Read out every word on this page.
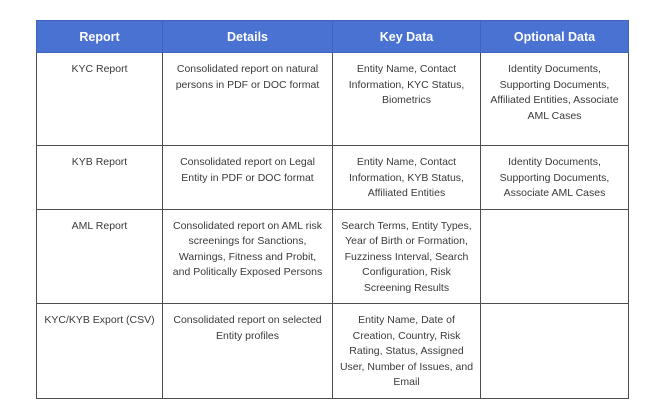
Report	Details	Key Data	Optional Data
KYC Report	Consolidated report on natural persons in PDF or DOC format	Entity Name, Contact Information, KYC Status, Biometrics	Identity Documents, Supporting Documents, Affiliated Entities, Associate AML Cases
KYB Report	Consolidated report on Legal Entity in PDF or DOC format	Entity Name, Contact Information, KYB Status, Affiliated Entities	Identity Documents, Supporting Documents, Associate AML Cases
AML Report	Consolidated report on AML risk screenings for Sanctions, Warnings, Fitness and Probit, and Politically Exposed Persons	Search Terms, Entity Types, Year of Birth or Formation, Fuzziness Interval, Search Configuration, Risk Screening Results	
KYC/KYB Export (CSV)	Consolidated report on selected Entity profiles	Entity Name, Date of Creation, Country, Risk Rating, Status, Assigned User, Number of Issues, and Email	
